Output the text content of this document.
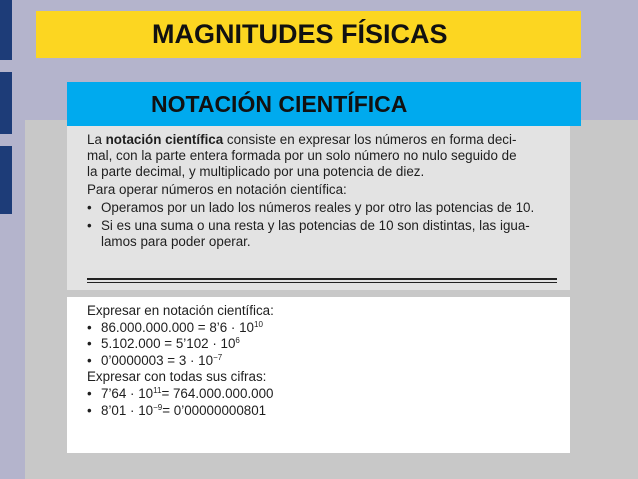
MAGNITUDES FÍSICAS
NOTACIÓN CIENTÍFICA

La notación científica consiste en expresar los números en forma deci-

mal, con la parte entera formada por un solo número no nulo seguido de

la parte decimal, y multiplicado por una potencia de diez.

Para operar números en notación científica:

• Operamos por un lado los números reales y por otro las potencias de 10.
• Si es una suma o una resta y las potencias de 10 son distintas, las igua-lamos para poder operar.

Expresar en notación científica:

• 86.000.000.000 = 8’6 · $10^{10}$
• 5.102.000 = 5’102 · $10^6$
• 0’0000003 = $3 \cdot 10^{-7}$

Expresar con todas sus cifras:

• 7’64 · $10^{11}= 764.000.000.000$
• 8’01 · $10^{-9}=$ 0’00000000801
